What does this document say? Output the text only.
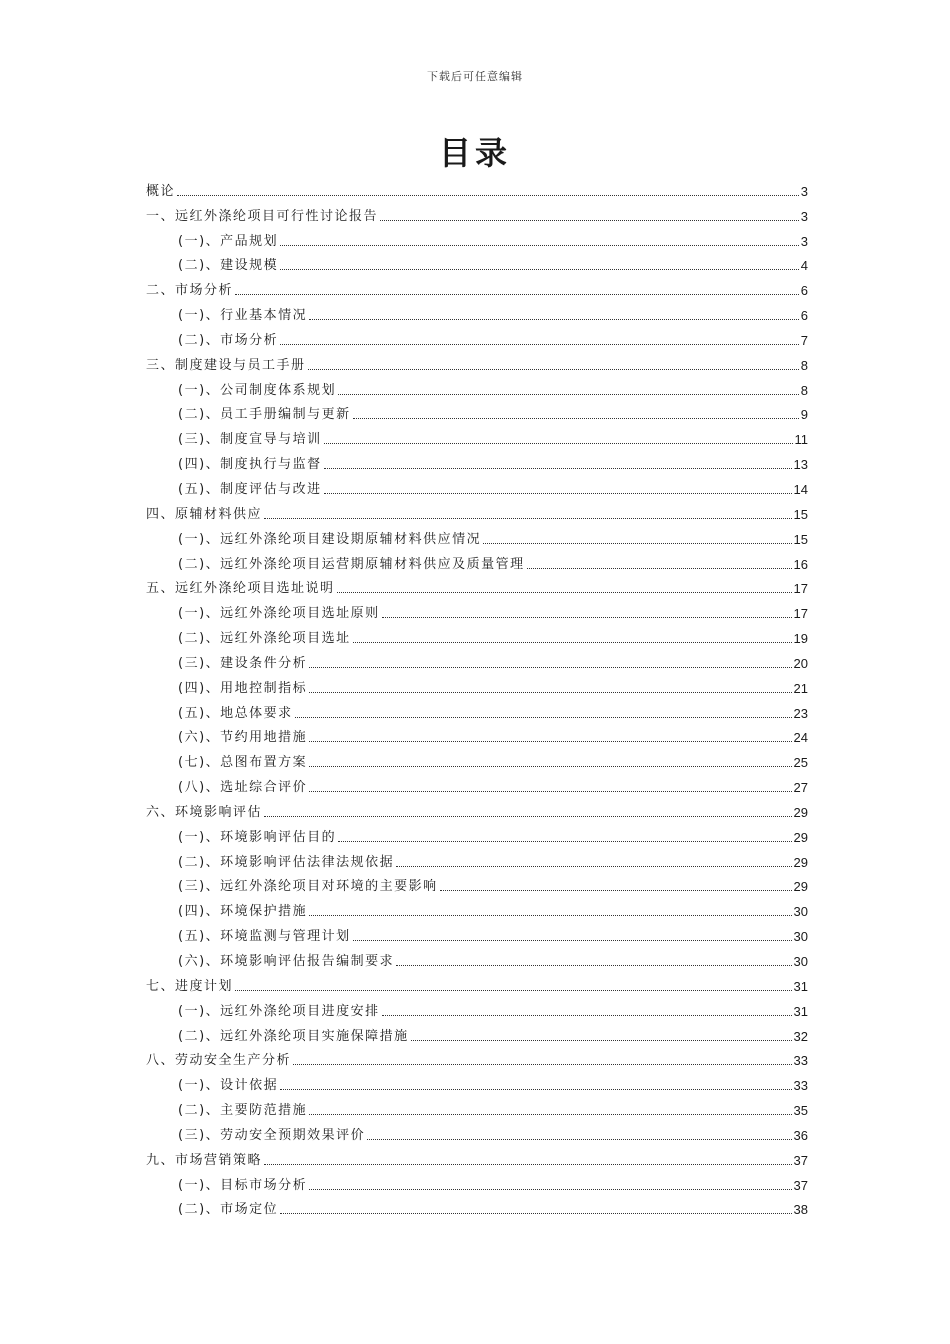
下载后可任意编辑
目录
概论	3
一、远红外涤纶项目可行性讨论报告	3
(一)、产品规划	3
(二)、建设规模	4
二、市场分析	6
(一)、行业基本情况	6
(二)、市场分析	7
三、制度建设与员工手册	8
(一)、公司制度体系规划	8
(二)、员工手册编制与更新	9
(三)、制度宣导与培训	11
(四)、制度执行与监督	13
(五)、制度评估与改进	14
四、原辅材料供应	15
(一)、远红外涤纶项目建设期原辅材料供应情况	15
(二)、远红外涤纶项目运营期原辅材料供应及质量管理	16
五、远红外涤纶项目选址说明	17
(一)、远红外涤纶项目选址原则	17
(二)、远红外涤纶项目选址	19
(三)、建设条件分析	20
(四)、用地控制指标	21
(五)、地总体要求	23
(六)、节约用地措施	24
(七)、总图布置方案	25
(八)、选址综合评价	27
六、环境影响评估	29
(一)、环境影响评估目的	29
(二)、环境影响评估法律法规依据	29
(三)、远红外涤纶项目对环境的主要影响	29
(四)、环境保护措施	30
(五)、环境监测与管理计划	30
(六)、环境影响评估报告编制要求	30
七、进度计划	31
(一)、远红外涤纶项目进度安排	31
(二)、远红外涤纶项目实施保障措施	32
八、劳动安全生产分析	33
(一)、设计依据	33
(二)、主要防范措施	35
(三)、劳动安全预期效果评价	36
九、市场营销策略	37
(一)、目标市场分析	37
(二)、市场定位	38
